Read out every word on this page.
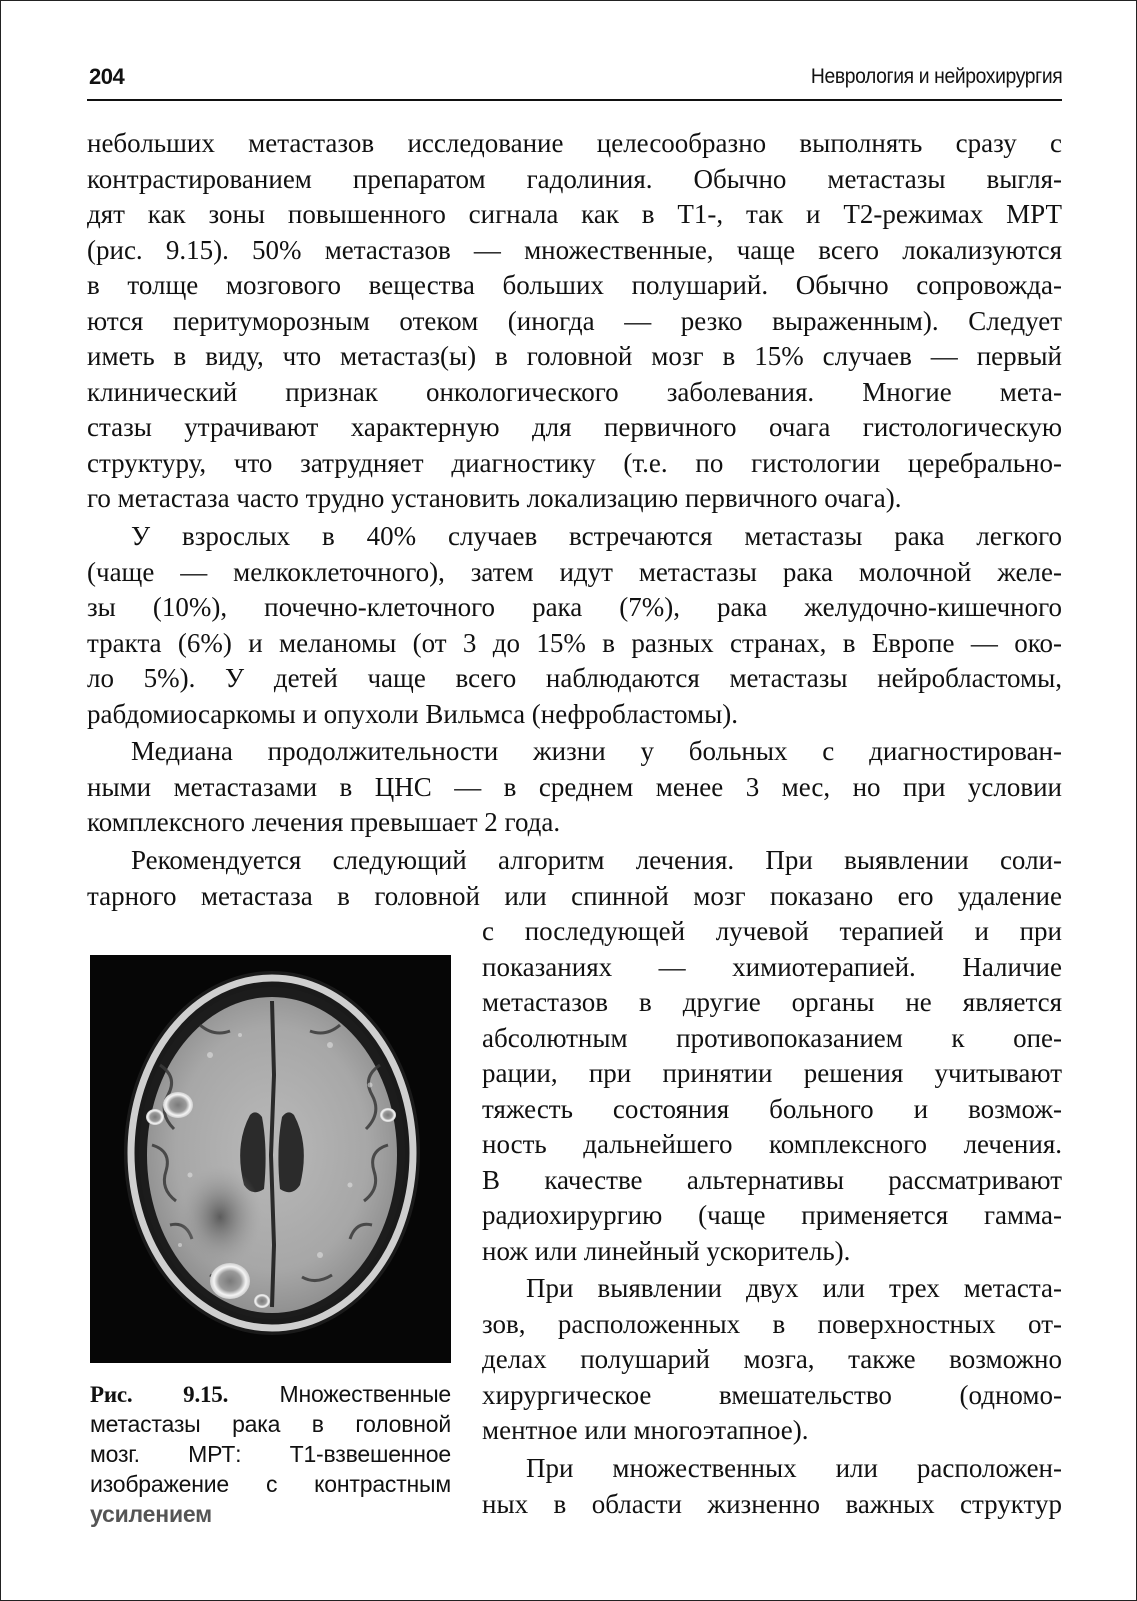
204	Неврология и нейрохирургия
небольших метастазов исследование целесообразно выполнять сразу с
контрастированием препаратом гадолиния. Обычно метастазы выгля-
дят как зоны повышенного сигнала как в Т1-, так и Т2-режимах МРТ
(рис. 9.15). 50% метастазов — множественные, чаще всего локализуются
в толще мозгового вещества больших полушарий. Обычно сопровожда-
ются перитуморозным отеком (иногда — резко выраженным). Следует
иметь в виду, что метастаз(ы) в головной мозг в 15% случаев — первый
клинический признак онкологического заболевания. Многие мета-
стазы утрачивают характерную для первичного очага гистологическую
структуру, что затрудняет диагностику (т.е. по гистологии церебрально-
го метастаза часто трудно установить локализацию первичного очага).
У взрослых в 40% случаев встречаются метастазы рака легкого
(чаще — мелкоклеточного), затем идут метастазы рака молочной желе-
зы (10%), почечно-клеточного рака (7%), рака желудочно-кишечного
тракта (6%) и меланомы (от 3 до 15% в разных странах, в Европе — око-
ло 5%). У детей чаще всего наблюдаются метастазы нейробластомы,
рабдомиосаркомы и опухоли Вильмса (нефробластомы).
Медиана продолжительности жизни у больных с диагностирован-
ными метастазами в ЦНС — в среднем менее 3 мес, но при условии
комплексного лечения превышает 2 года.
Рекомендуется следующий алгоритм лечения. При выявлении соли-
тарного метастаза в головной или спинной мозг показано его удаление
с последующей лучевой терапией и при
показаниях — химиотерапией. Наличие
метастазов в другие органы не является
абсолютным противопоказанием к опе-
рации, при принятии решения учитывают
тяжесть состояния больного и возмож-
ность дальнейшего комплексного лечения.
В качестве альтернативы рассматривают
радиохирургию (чаще применяется гамма-
нож или линейный ускоритель).
При выявлении двух или трех метаста-
зов, расположенных в поверхностных от-
делах полушарий мозга, также возможно
хирургическое вмешательство (одномо-
ментное или многоэтапное).
При множественных или расположен-
ных в области жизненно важных структур
Рис. 9.15. Множественные
метастазы рака в головной
мозг. МРТ: Т1-взвешенное
изображение с контрастным
усилением
